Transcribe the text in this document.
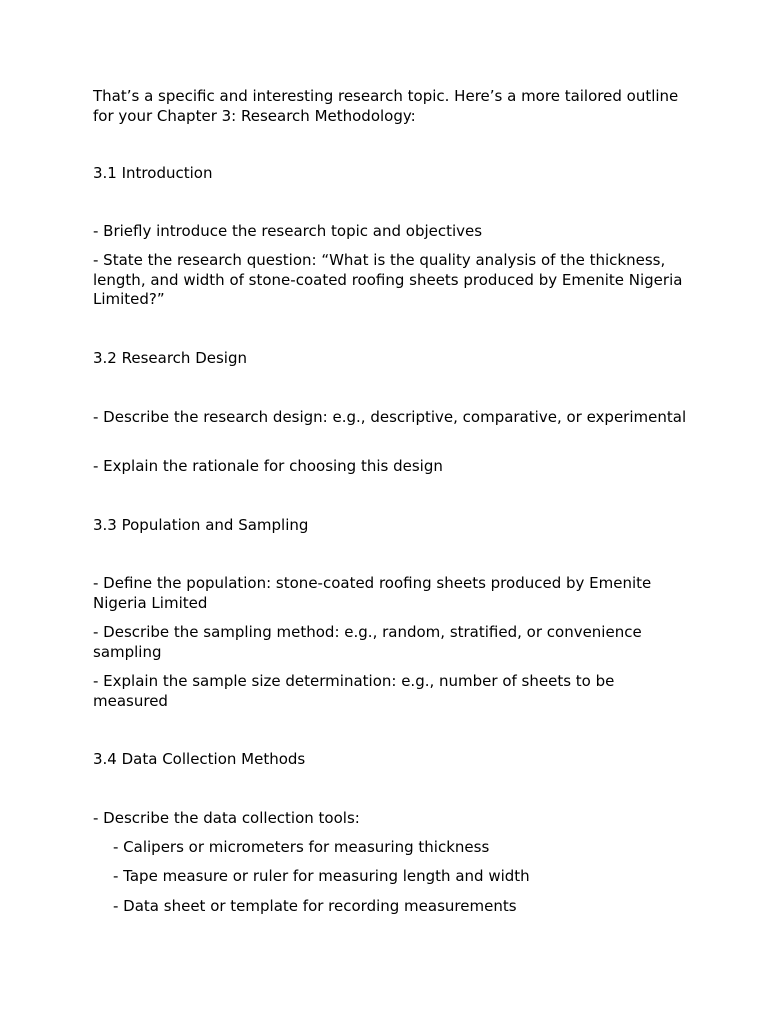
That’s a specific and interesting research topic. Here’s a more tailored outline for your Chapter 3: Research Methodology:

3.1 Introduction

- Briefly introduce the research topic and objectives

- State the research question: “What is the quality analysis of the thickness, length, and width of stone-coated roofing sheets produced by Emenite Nigeria Limited?”

3.2 Research Design

- Describe the research design: e.g., descriptive, comparative, or experimental

- Explain the rationale for choosing this design

3.3 Population and Sampling

- Define the population: stone-coated roofing sheets produced by Emenite Nigeria Limited

- Describe the sampling method: e.g., random, stratified, or convenience sampling

- Explain the sample size determination: e.g., number of sheets to be measured

3.4 Data Collection Methods

- Describe the data collection tools:

- Calipers or micrometers for measuring thickness

- Tape measure or ruler for measuring length and width

- Data sheet or template for recording measurements
